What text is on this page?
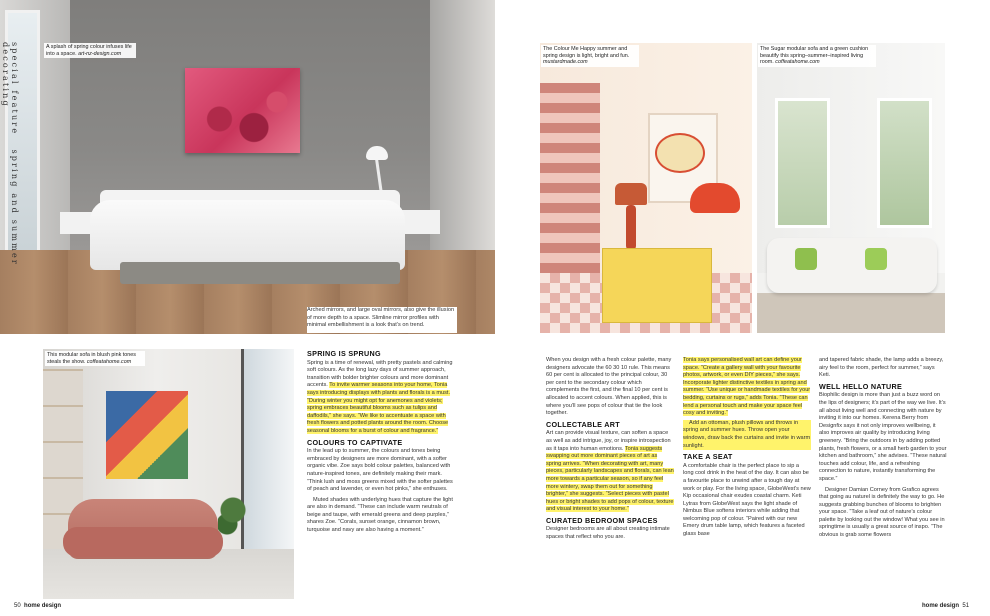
A splash of spring colour infuses life into a space. art-nz-design.com
special feature   spring and summer decorating

Arched mirrors, and large oval mirrors, also give the illusion of more depth to a space. Slimline mirror profiles with minimal embellishment is a look that’s on trend.

This modular sofa in blush pink tones steals the show. coffeatahome.com
SPRING IS SPRUNG

Spring is a time of renewal, with pretty pastels and calming soft colours. As the long lazy days of summer approach, transition with bolder brighter colours and more dominant accents. To invite warmer seasons into your home, Tonia says introducing displays with plants and florals is a must. “During winter you might opt for anemones and violets; spring embraces beautiful blooms such as tulips and daffodils,” she says. “We like to accentuate a space with fresh flowers and potted plants around the room. Choose seasonal blooms for a burst of colour and fragrance.”

COLOURS TO CAPTIVATE

In the lead up to summer, the colours and tones being embraced by designers are more dominant, with a softer organic vibe. Zoe says bold colour palettes, balanced with nature-inspired tones, are definitely making their mark. “Think lush and moss greens mixed with the softer palettes of peach and lavender, or even hot pinks,” she enthuses.

Muted shades with underlying hues that capture the light are also in demand. “These can include warm neutrals of beige and taupe, with emerald greens and deep purples,” shares Zoe. “Corals, sunset orange, cinnamon brown, turquoise and navy are also having a moment.”

50 home design
The Colour Me Happy summer and spring design is light, bright and fun. mustardmade.com
The Sugar modular sofa and a green cushion beautify this spring–summer–inspired living room. coffeatahome.com

When you design with a fresh colour palette, many designers advocate the 60 30 10 rule. This means 60 per cent is allocated to the principal colour, 30 per cent to the secondary colour which complements the first, and the final 10 per cent is allocated to accent colours. When applied, this is where you’ll see pops of colour that tie the look together.

COLLECTABLE ART

Art can provide visual texture, can soften a space as well as add intrigue, joy, or inspire introspection as it taps into human emotions. Tonia suggests swapping out more dominant pieces of art as spring arrives. “When decorating with art, many pieces, particularly landscapes and florals, can lean more towards a particular season, so if any feel more wintery, swap them out for something brighter,” she suggests. “Select pieces with pastel hues or bright shades to add pops of colour, texture and visual interest to your home.”

CURATED BEDROOM SPACES

Designer bedrooms are all about creating intimate spaces that reflect who you are.

Tonia says personalised wall art can define your space. “Create a gallery wall with your favourite photos, artwork, or even DIY pieces,” she says. Incorporate lighter distinctive textiles in spring and summer. “Use unique or handmade textiles for your bedding, curtains or rugs,” adds Tonia. “These can lend a personal touch and make your space feel cosy and inviting.”

Add an ottoman, plush pillows and throws in spring and summer hues. Throw open your windows, draw back the curtains and invite in warm sunlight.

TAKE A SEAT

A comfortable chair is the perfect place to sip a long cool drink in the heat of the day. It can also be a favourite place to unwind after a tough day at work or play. For the living space, GlobeWest’s new Kip occasional chair exudes coastal charm. Keti Lytras from GlobeWest says the light shade of Nimbus Blue softens interiors while adding that welcoming pop of colour. “Paired with our new Emery drum table lamp, which features a faceted glass base

and tapered fabric shade, the lamp adds a breezy, airy feel to the room, perfect for summer,” says Keti.

WELL HELLO NATURE

Biophilic design is more than just a buzz word on the lips of designers; it’s part of the way we live. It’s all about living well and connecting with nature by inviting it into our homes. Kerena Berry from Designfix says it not only improves wellbeing, it also improves air quality by introducing living greenery. “Bring the outdoors in by adding potted plants, fresh flowers, or a small herb garden to your kitchen and bathroom,” she advises. “These natural touches add colour, life, and a refreshing connection to nature, instantly transforming the space.”

Designer Damian Corney from Grafico agrees that going au naturel is definitely the way to go. He suggests grabbing bunches of blooms to brighten your space. “Take a leaf out of nature’s colour palette by looking out the window! What you see in springtime is usually a great source of inspo. “The obvious is grab some flowers

home design 51
